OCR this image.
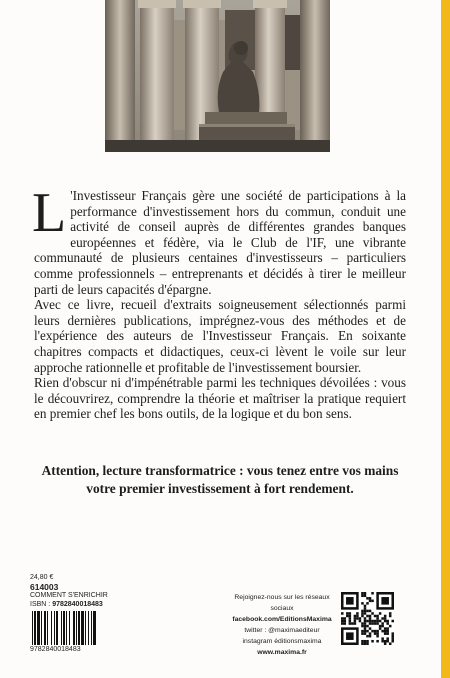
L 'Investisseur Français gère une société de participations à la performance d'investissement hors du commun, conduit une activité de conseil auprès de différentes grandes banques européennes et fédère, via le Club de l'IF, une vibrante communauté de plusieurs centaines d'investisseurs – particuliers comme professionnels – entreprenants et décidés à tirer le meilleur parti de leurs capacités d'épargne.

Avec ce livre, recueil d'extraits soigneusement sélectionnés parmi leurs dernières publications, imprégnez-vous des méthodes et de l'expérience des auteurs de l'Investisseur Français. En soixante chapitres compacts et didactiques, ceux-ci lèvent le voile sur leur approche rationnelle et profitable de l'investissement boursier.

Rien d'obscur ni d'impénétrable parmi les techniques dévoilées : vous le découvrirez, comprendre la théorie et maîtriser la pratique requiert en premier chef les bons outils, de la logique et du bon sens.

Attention, lecture transformatrice : vous tenez entre vos mains
votre premier investissement à fort rendement.
24,80 €
614003
COMMENT S'ENRICHIR
ISBN : 9782840018483
9782840018483
Rejoignez-nous sur les réseaux sociaux
facebook.com/EditionsMaxima
twitter : @maximaediteur
instagram éditionsmaxima
www.maxima.fr
